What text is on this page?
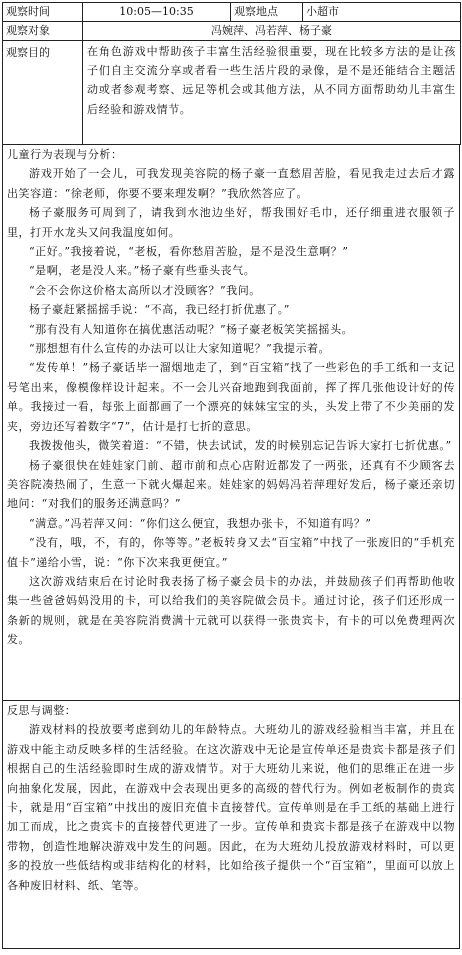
观察时间	10:05—10:35	观察地点	小超市
观察对象	冯婉萍、冯若萍、杨子豪		
观察目的	在角色游戏中帮助孩子丰富生活经验很重要，现在比较多方法的是让孩子们自主交流分享或者看一些生活片段的录像，是不是还能结合主题活动或者参观考察、远足等机会或其他方法，从不同方面帮助幼儿丰富生后经验和游戏情节。		

儿童行为表现与分析：

游戏开始了一会儿，可我发现美容院的杨子豪一直愁眉苦脸，看见我走过去后才露出笑容道：“徐老师，你要不要来理发啊？”我欣然答应了。

杨子豪服务可周到了，请我到水池边坐好，帮我围好毛巾，还仔细重进衣服领子里，打开水龙头又问我温度如何。

“正好。”我接着说，“老板，看你愁眉苦脸，是不是没生意啊？”

“是啊，老是没人来。”杨子豪有些垂头丧气。

“会不会你这价格太高所以才没顾客？”我问。

杨子豪赶紧摇摇手说：“不高，我已经打折优惠了。”

“那有没有人知道你在搞优惠活动呢？”杨子豪老板笑笑摇摇头。

“那想想有什么宣传的办法可以让大家知道呢？”我提示着。

“发传单！”杨子豪话毕一溜烟地走了，到“百宝箱”找了一些彩色的手工纸和一支记号笔出来，像模像样设计起来。不一会儿兴奋地跑到我面前，挥了挥几张他设计好的传单。我接过一看，每张上面都画了一个漂亮的妹妹宝宝的头，头发上带了不少美丽的发夹，旁边还写着数字“7”，估计是打七折的意思。

我拨拨他头，微笑着道：“不错，快去试试，发的时候别忘记告诉大家打七折优惠。”

杨子豪很快在娃娃家门前、超市前和点心店附近都发了一两张，还真有不少顾客去美容院凑热闹了，生意一下就火爆起来。娃娃家的妈妈冯若萍理好发后，杨子豪还亲切地问：“对我们的服务还满意吗？”

“满意。”冯若萍又问：“你们这么便宜，我想办张卡，不知道有吗？”

“没有，哦，不，有的，你等等。”老板转身又去“百宝箱”中找了一张废旧的“手机充值卡”递给小雪，说：“你下次来我更便宜。”

这次游戏结束后在讨论时我表扬了杨子豪会员卡的办法，并鼓励孩子们再帮助他收集一些爸爸妈妈没用的卡，可以给我们的美容院做会员卡。通过讨论，孩子们还形成一条新的规则，就是在美容院消费满十元就可以获得一张贵宾卡，有卡的可以免费理两次发。

反思与调整：

游戏材料的投放要考虑到幼儿的年龄特点。大班幼儿的游戏经验相当丰富，并且在游戏中能主动反映多样的生活经验。在这次游戏中无论是宣传单还是贵宾卡都是孩子们根据自己的生活经验即时生成的游戏情节。对于大班幼儿来说，他们的思维正在进一步向抽象化发展，因此，在游戏中会表现出更多的高级的替代行为。例如老板制作的贵宾卡，就是用“百宝箱”中找出的废旧充值卡直接替代。宣传单则是在手工纸的基础上进行加工而成，比之贵宾卡的直接替代更进了一步。宣传单和贵宾卡都是孩子在游戏中以物带物，创造性地解决游戏中发生的问题。因此，在为大班幼儿投放游戏材料时，可以更多的投放一些低结构或非结构化的材料，比如给孩子提供一个“百宝箱”，里面可以放上各种废旧材料、纸、笔等。
